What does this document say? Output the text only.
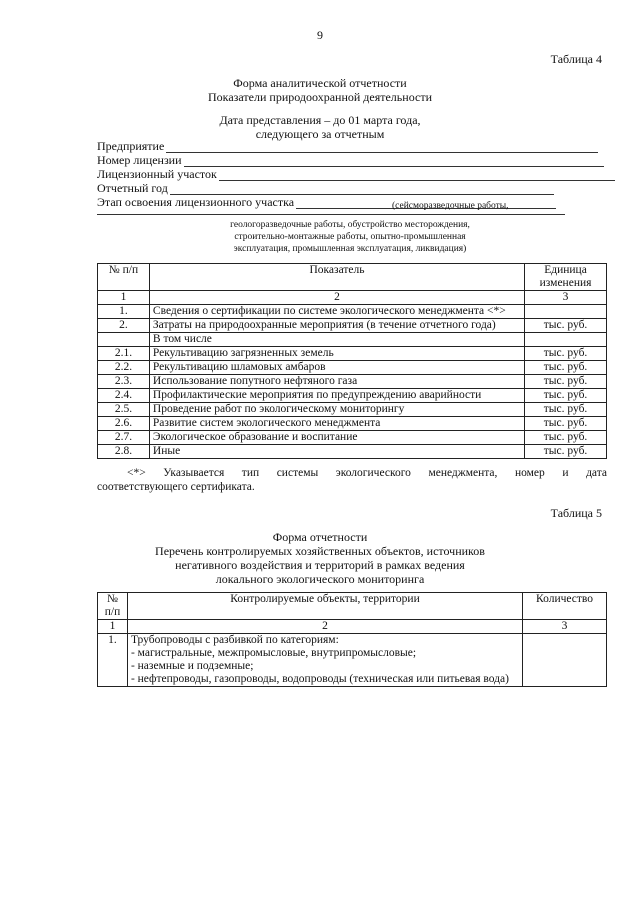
9
Таблица 4
Форма аналитической отчетности
Показатели природоохранной деятельности
Дата представления – до 01 марта года,
следующего за отчетным
Предприятие
Номер лицензии
Лицензионный участок
Отчетный год
Этап освоения лицензионного участка	(сейсморазведочные работы,
геологоразведочные работы, обустройство месторождения,
строительно-монтажные работы, опытно-промышленная
эксплуатация, промышленная эксплуатация, ликвидация)
№ п/п	Показатель	Единица изменения
1	2	3
1.	Сведения о сертификации по системе экологического менеджмента <*>	
2.	Затраты на природоохранные мероприятия (в течение отчетного года)	тыс. руб.
	В том числе	
2.1.	Рекультивацию загрязненных земель	тыс. руб.
2.2.	Рекультивацию шламовых амбаров	тыс. руб.
2.3.	Использование попутного нефтяного газа	тыс. руб.
2.4.	Профилактические мероприятия по предупреждению аварийности	тыс. руб.
2.5.	Проведение работ по экологическому мониторингу	тыс. руб.
2.6.	Развитие систем экологического менеджмента	тыс. руб.
2.7.	Экологическое образование и воспитание	тыс. руб.
2.8.	Иные	тыс. руб.
<*> Указывается тип системы экологического менеджмента, номер и дата
соответствующего сертификата.
Таблица 5
Форма отчетности
Перечень контролируемых хозяйственных объектов, источников
негативного воздействия и территорий в рамках ведения
локального экологического мониторинга
№ п/п	Контролируемые объекты, территории	Количество
1	2	3
1.	Трубопроводы с разбивкой по категориям:
- магистральные, межпромысловые, внутрипромысловые;
- наземные и подземные;
- нефтепроводы, газопроводы, водопроводы (техническая или питьевая вода)	
